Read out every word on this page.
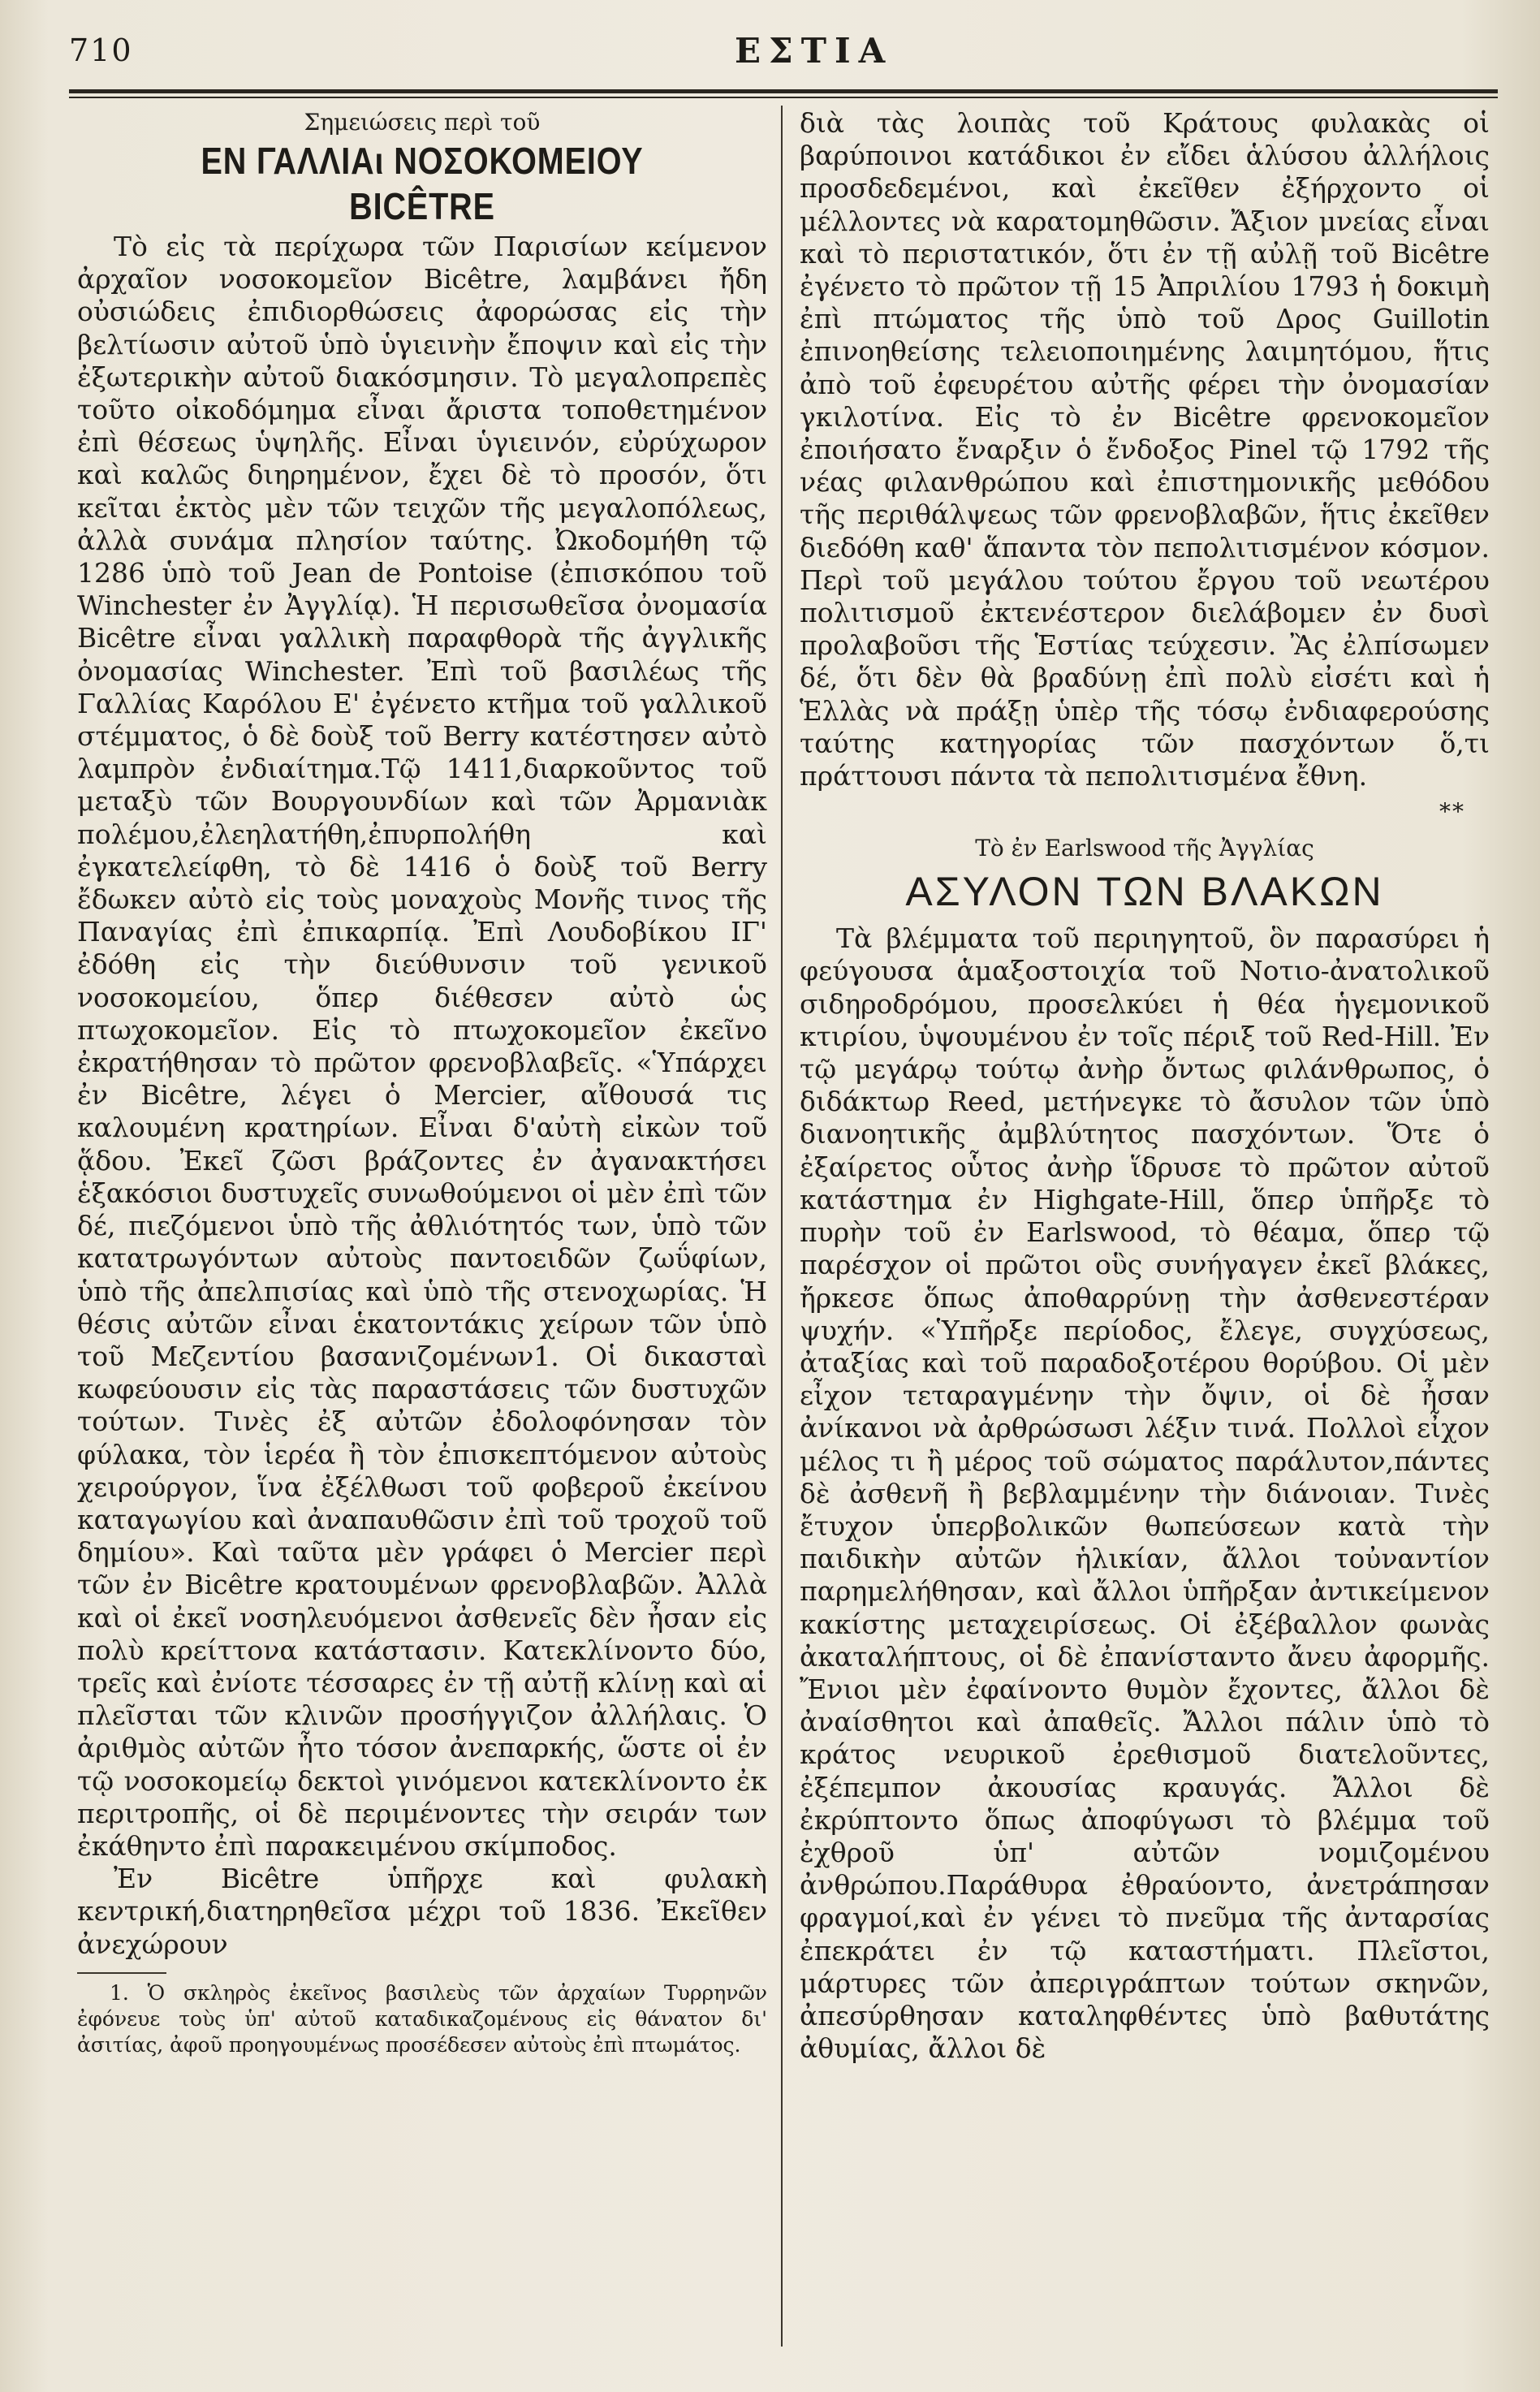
710	ΕΣΤΙΑ

Σημειώσεις περὶ τοῦ

ΕΝ ΓΑΛΛΙΑι ΝΟΣΟΚΟΜΕΙΟΥ BICÊTRE

Τὸ εἰς τὰ περίχωρα τῶν Παρισίων κείμενον ἀρχαῖον νοσοκομεῖον Bicêtre, λαμβάνει ἤδη οὐσιώδεις ἐπιδιορθώσεις ἀφορώσας εἰς τὴν βελτίωσιν αὐτοῦ ὑπὸ ὑγιεινὴν ἔποψιν καὶ εἰς τὴν ἐξωτερικὴν αὐτοῦ διακόσμησιν. Τὸ μεγαλοπρεπὲς τοῦτο οἰκοδόμημα εἶναι ἄριστα τοποθετημένον ἐπὶ θέσεως ὑψηλῆς. Εἶναι ὑγιεινόν, εὐρύχωρον καὶ καλῶς διηρημένον, ἔχει δὲ τὸ προσόν, ὅτι κεῖται ἐκτὸς μὲν τῶν τειχῶν τῆς μεγαλοπόλεως, ἀλλὰ συνάμα πλησίον ταύτης. Ὠκοδομήθη τῷ 1286 ὑπὸ τοῦ Jean de Pontoise (ἐπισκόπου τοῦ Winchester ἐν Ἀγγλίᾳ). Ἡ περισωθεῖσα ὀνομασία Bicêtre εἶναι γαλλικὴ παραφθορὰ τῆς ἀγγλικῆς ὀνομασίας Winchester. Ἐπὶ τοῦ βασιλέως τῆς Γαλλίας Καρόλου Ε' ἐγένετο κτῆμα τοῦ γαλλικοῦ στέμματος, ὁ δὲ δοὺξ τοῦ Berry κατέστησεν αὐτὸ λαμπρὸν ἐνδιαίτημα.Τῷ 1411,διαρκοῦντος τοῦ μεταξὺ τῶν Βουργουνδίων καὶ τῶν Ἀρμανιὰκ πολέμου,ἐλεηλατήθη,ἐπυρπολήθη καὶ ἐγκατελείφθη, τὸ δὲ 1416 ὁ δοὺξ τοῦ Berry ἔδωκεν αὐτὸ εἰς τοὺς μοναχοὺς Μονῆς τινος τῆς Παναγίας ἐπὶ ἐπικαρπίᾳ. Ἐπὶ Λουδοβίκου ΙΓ' ἐδόθη εἰς τὴν διεύθυνσιν τοῦ γενικοῦ νοσοκομείου, ὅπερ διέθεσεν αὐτὸ ὡς πτωχοκομεῖον. Εἰς τὸ πτωχοκομεῖον ἐκεῖνο ἐκρατήθησαν τὸ πρῶτον φρενοβλαβεῖς. «Ὑπάρχει ἐν Bicêtre, λέγει ὁ Mercier, αἴθουσά τις καλουμένη κρατηρίων. Εἶναι δ'αὐτὴ εἰκὼν τοῦ ᾅδου. Ἐκεῖ ζῶσι βράζοντες ἐν ἀγανακτήσει ἑξακόσιοι δυστυχεῖς συνωθούμενοι οἱ μὲν ἐπὶ τῶν δέ, πιεζόμενοι ὑπὸ τῆς ἀθλιότητός των, ὑπὸ τῶν κατατρωγόντων αὐτοὺς παντοειδῶν ζωΰφίων, ὑπὸ τῆς ἀπελπισίας καὶ ὑπὸ τῆς στενοχωρίας. Ἡ θέσις αὐτῶν εἶναι ἑκατοντάκις χείρων τῶν ὑπὸ τοῦ Μεζεντίου βασανιζομένων1. Οἱ δικασταὶ κωφεύουσιν εἰς τὰς παραστάσεις τῶν δυστυχῶν τούτων. Τινὲς ἐξ αὐτῶν ἐδολοφόνησαν τὸν φύλακα, τὸν ἱερέα ἢ τὸν ἐπισκεπτόμενον αὐτοὺς χειρούργον, ἵνα ἐξέλθωσι τοῦ φοβεροῦ ἐκείνου καταγωγίου καὶ ἀναπαυθῶσιν ἐπὶ τοῦ τροχοῦ τοῦ δημίου». Καὶ ταῦτα μὲν γράφει ὁ Mercier περὶ τῶν ἐν Bicêtre κρατουμένων φρενοβλαβῶν. Ἀλλὰ καὶ οἱ ἐκεῖ νοσηλευόμενοι ἀσθενεῖς δὲν ἦσαν εἰς πολὺ κρείττονα κατάστασιν. Κατεκλίνοντο δύο, τρεῖς καὶ ἐνίοτε τέσσαρες ἐν τῇ αὐτῇ κλίνῃ καὶ αἱ πλεῖσται τῶν κλινῶν προσήγγιζον ἀλλήλαις. Ὁ ἀριθμὸς αὐτῶν ἦτο τόσον ἀνεπαρκής, ὥστε οἱ ἐν τῷ νοσοκομείῳ δεκτοὶ γινόμενοι κατεκλίνοντο ἐκ περιτροπῆς, οἱ δὲ περιμένοντες τὴν σειράν των ἐκάθηντο ἐπὶ παρακειμένου σκίμποδος.

Ἐν Bicêtre ὑπῆρχε καὶ φυλακὴ κεντρική,διατηρηθεῖσα μέχρι τοῦ 1836. Ἐκεῖθεν ἀνεχώρουν

1. Ὁ σκληρὸς ἐκεῖνος βασιλεὺς τῶν ἀρχαίων Τυρρηνῶν ἐφόνευε τοὺς ὑπ' αὐτοῦ καταδικαζομένους εἰς θάνατον δι' ἀσιτίας, ἀφοῦ προηγουμένως προσέδεσεν αὐτοὺς ἐπὶ πτωμάτος.

διὰ τὰς λοιπὰς τοῦ Κράτους φυλακὰς οἱ βαρύποινοι κατάδικοι ἐν εἴδει ἁλύσου ἀλλήλοις προσδεδεμένοι, καὶ ἐκεῖθεν ἐξήρχοντο οἱ μέλλοντες νὰ καρατομηθῶσιν. Ἄξιον μνείας εἶναι καὶ τὸ περιστατικόν, ὅτι ἐν τῇ αὐλῇ τοῦ Bicêtre ἐγένετο τὸ πρῶτον τῇ 15 Ἀπριλίου 1793 ἡ δοκιμὴ ἐπὶ πτώματος τῆς ὑπὸ τοῦ Δρος Guillotin ἐπινοηθείσης τελειοποιημένης λαιμητόμου, ἥτις ἀπὸ τοῦ ἐφευρέτου αὐτῆς φέρει τὴν ὀνομασίαν γκιλοτίνα. Εἰς τὸ ἐν Bicêtre φρενοκομεῖον ἐποιήσατο ἔναρξιν ὁ ἔνδοξος Pinel τῷ 1792 τῆς νέας φιλανθρώπου καὶ ἐπιστημονικῆς μεθόδου τῆς περιθάλψεως τῶν φρενοβλαβῶν, ἥτις ἐκεῖθεν διεδόθη καθ' ἅπαντα τὸν πεπολιτισμένον κόσμον. Περὶ τοῦ μεγάλου τούτου ἔργου τοῦ νεωτέρου πολιτισμοῦ ἐκτενέστερον διελάβομεν ἐν δυσὶ προλαβοῦσι τῆς Ἑστίας τεύχεσιν. Ἂς ἐλπίσωμεν δέ, ὅτι δὲν θὰ βραδύνῃ ἐπὶ πολὺ εἰσέτι καὶ ἡ Ἑλλὰς νὰ πράξῃ ὑπὲρ τῆς τόσῳ ἐνδιαφερούσης ταύτης κατηγορίας τῶν πασχόντων ὅ,τι πράττουσι πάντα τὰ πεπολιτισμένα ἔθνη.

**

Τὸ ἐν Earlswood τῆς Ἀγγλίας

ΑΣΥΛΟΝ ΤΩΝ ΒΛΑΚΩΝ

Τὰ βλέμματα τοῦ περιηγητοῦ, ὃν παρασύρει ἡ φεύγουσα ἁμαξοστοιχία τοῦ Νοτιο-ἀνατολικοῦ σιδηροδρόμου, προσελκύει ἡ θέα ἡγεμονικοῦ κτιρίου, ὑψουμένου ἐν τοῖς πέριξ τοῦ Red-Hill. Ἐν τῷ μεγάρῳ τούτῳ ἀνὴρ ὄντως φιλάνθρωπος, ὁ διδάκτωρ Reed, μετήνεγκε τὸ ἄσυλον τῶν ὑπὸ διανοητικῆς ἀμβλύτητος πασχόντων. Ὅτε ὁ ἐξαίρετος οὗτος ἀνὴρ ἵδρυσε τὸ πρῶτον αὐτοῦ κατάστημα ἐν Highgate-Hill, ὅπερ ὑπῆρξε τὸ πυρὴν τοῦ ἐν Earlswood, τὸ θέαμα, ὅπερ τῷ παρέσχον οἱ πρῶτοι οὓς συνήγαγεν ἐκεῖ βλάκες, ἤρκεσε ὅπως ἀποθαρρύνῃ τὴν ἀσθενεστέραν ψυχήν. «Ὑπῆρξε περίοδος, ἔλεγε, συγχύσεως, ἀταξίας καὶ τοῦ παραδοξοτέρου θορύβου. Οἱ μὲν εἶχον τεταραγμένην τὴν ὄψιν, οἱ δὲ ἦσαν ἀνίκανοι νὰ ἀρθρώσωσι λέξιν τινά. Πολλοὶ εἶχον μέλος τι ἢ μέρος τοῦ σώματος παράλυτον,πάντες δὲ ἀσθενῆ ἢ βεβλαμμένην τὴν διάνοιαν. Τινὲς ἔτυχον ὑπερβολικῶν θωπεύσεων κατὰ τὴν παιδικὴν αὐτῶν ἡλικίαν, ἄλλοι τοὐναντίον παρημελήθησαν, καὶ ἄλλοι ὑπῆρξαν ἀντικείμενον κακίστης μεταχειρίσεως. Οἱ ἐξέβαλλον φωνὰς ἀκαταλήπτους, οἱ δὲ ἐπανίσταντο ἄνευ ἀφορμῆς. Ἔνιοι μὲν ἐφαίνοντο θυμὸν ἔχοντες, ἄλλοι δὲ ἀναίσθητοι καὶ ἀπαθεῖς. Ἄλλοι πάλιν ὑπὸ τὸ κράτος νευρικοῦ ἐρεθισμοῦ διατελοῦντες, ἐξέπεμπον ἀκουσίας κραυγάς. Ἄλλοι δὲ ἐκρύπτοντο ὅπως ἀποφύγωσι τὸ βλέμμα τοῦ ἐχθροῦ ὑπ' αὐτῶν νομιζομένου ἀνθρώπου.Παράθυρα ἐθραύοντο, ἀνετράπησαν φραγμοί,καὶ ἐν γένει τὸ πνεῦμα τῆς ἀνταρσίας ἐπεκράτει ἐν τῷ καταστήματι. Πλεῖστοι, μάρτυρες τῶν ἀπεριγράπτων τούτων σκηνῶν, ἀπεσύρθησαν καταληφθέντες ὑπὸ βαθυτάτης ἀθυμίας, ἄλλοι δὲ
